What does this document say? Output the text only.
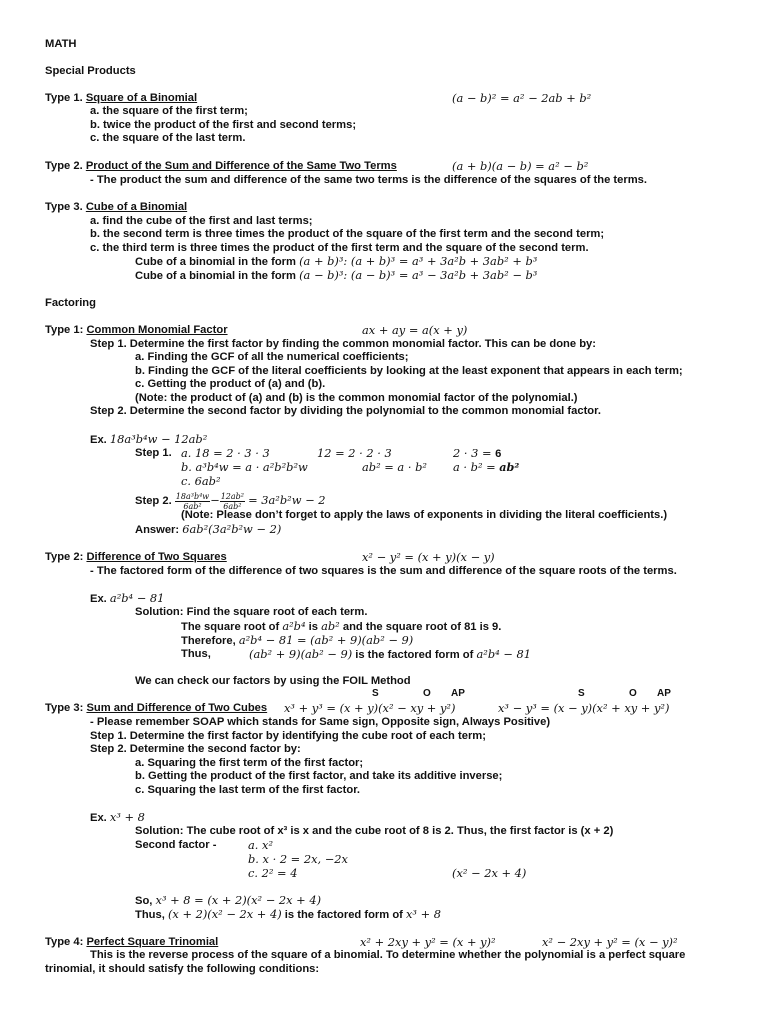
MATH
Special Products
Type 1. Square of a Binomial	(a − b)² = a² − 2ab + b²
a. the square of the first term;
b. twice the product of the first and second terms;
c. the square of the last term.
Type 2. Product of the Sum and Difference of the Same Two Terms	(a + b)(a − b) = a² − b²
- The product the sum and difference of the same two terms is the difference of the squares of the terms.
Type 3. Cube of a Binomial
a. find the cube of the first and last terms;
b. the second term is three times the product of the square of the first term and the second term;
c. the third term is three times the product of the first term and the square of the second term.
Cube of a binomial in the form (a + b)³: (a + b)³ = a³ + 3a²b + 3ab² + b³
Cube of a binomial in the form (a − b)³: (a − b)³ = a³ − 3a²b + 3ab² − b³
Factoring
Type 1: Common Monomial Factor	ax + ay = a(x + y)
Step 1. Determine the first factor by finding the common monomial factor. This can be done by:
a. Finding the GCF of all the numerical coefficients;
b. Finding the GCF of the literal coefficients by looking at the least exponent that appears in each term;
c. Getting the product of (a) and (b).
(Note: the product of (a) and (b) is the common monomial factor of the polynomial.)
Step 2. Determine the second factor by dividing the polynomial to the common monomial factor.
Ex. 18a³b⁴w − 12ab²
Step 1. a. 18 = 2 · 3 · 3	12 = 2 · 2 · 3	2 · 3 = 6
b. a³b⁴w = a · a²b²b²w	ab² = a · b² a · b² = ab²
c. 6ab²
Step 2. $\frac{\text{18a³b⁴w}}{\text{6ab²}} - \frac{\text{12ab²}}{\text{6ab²}} = 3a^2b^2w - 2$
(Note: Please don’t forget to apply the laws of exponents in dividing the literal coefficients.)
Answer: 6ab²(3a²b²w − 2)
Type 2: Difference of Two Squares	x² − y² = (x + y)(x − y)
- The factored form of the difference of two squares is the sum and difference of the square roots of the terms.
Ex. a²b⁴ − 81
Solution: Find the square root of each term.
The square root of a²b⁴ is ab² and the square root of 81 is 9.
Therefore, a²b⁴ − 81 = (ab² + 9)(ab² − 9)
Thus,	(ab² + 9)(ab² − 9) is the factored form of a²b⁴ − 81
We can check our factors by using the FOIL Method
S	O AP	S	O AP
Type 3: Sum and Difference of Two Cubes x³ + y³ = (x + y)(x² − xy + y²)	x³ − y³ = (x − y)(x² + xy + y²)
- Please remember SOAP which stands for Same sign, Opposite sign, Always Positive)
Step 1. Determine the first factor by identifying the cube root of each term;
Step 2. Determine the second factor by:
a. Squaring the first term of the first factor;
b. Getting the product of the first factor, and take its additive inverse;
c. Squaring the last term of the first factor.
Ex. x³ + 8
Solution: The cube root of x³ is x and the cube root of 8 is 2. Thus, the first factor is (x + 2)
Second factor -	a. x²
b. x · 2 = 2x, −2x
c. 2² = 4	(x² − 2x + 4)
So, x³ + 8 = (x + 2)(x² − 2x + 4)
Thus, (x + 2)(x² − 2x + 4) is the factored form of x³ + 8
Type 4: Perfect Square Trinomial	x² + 2xy + y² = (x + y)²	x² − 2xy + y² = (x − y)²
This is the reverse process of the square of a binomial. To determine whether the polynomial is a perfect square
trinomial, it should satisfy the following conditions:
